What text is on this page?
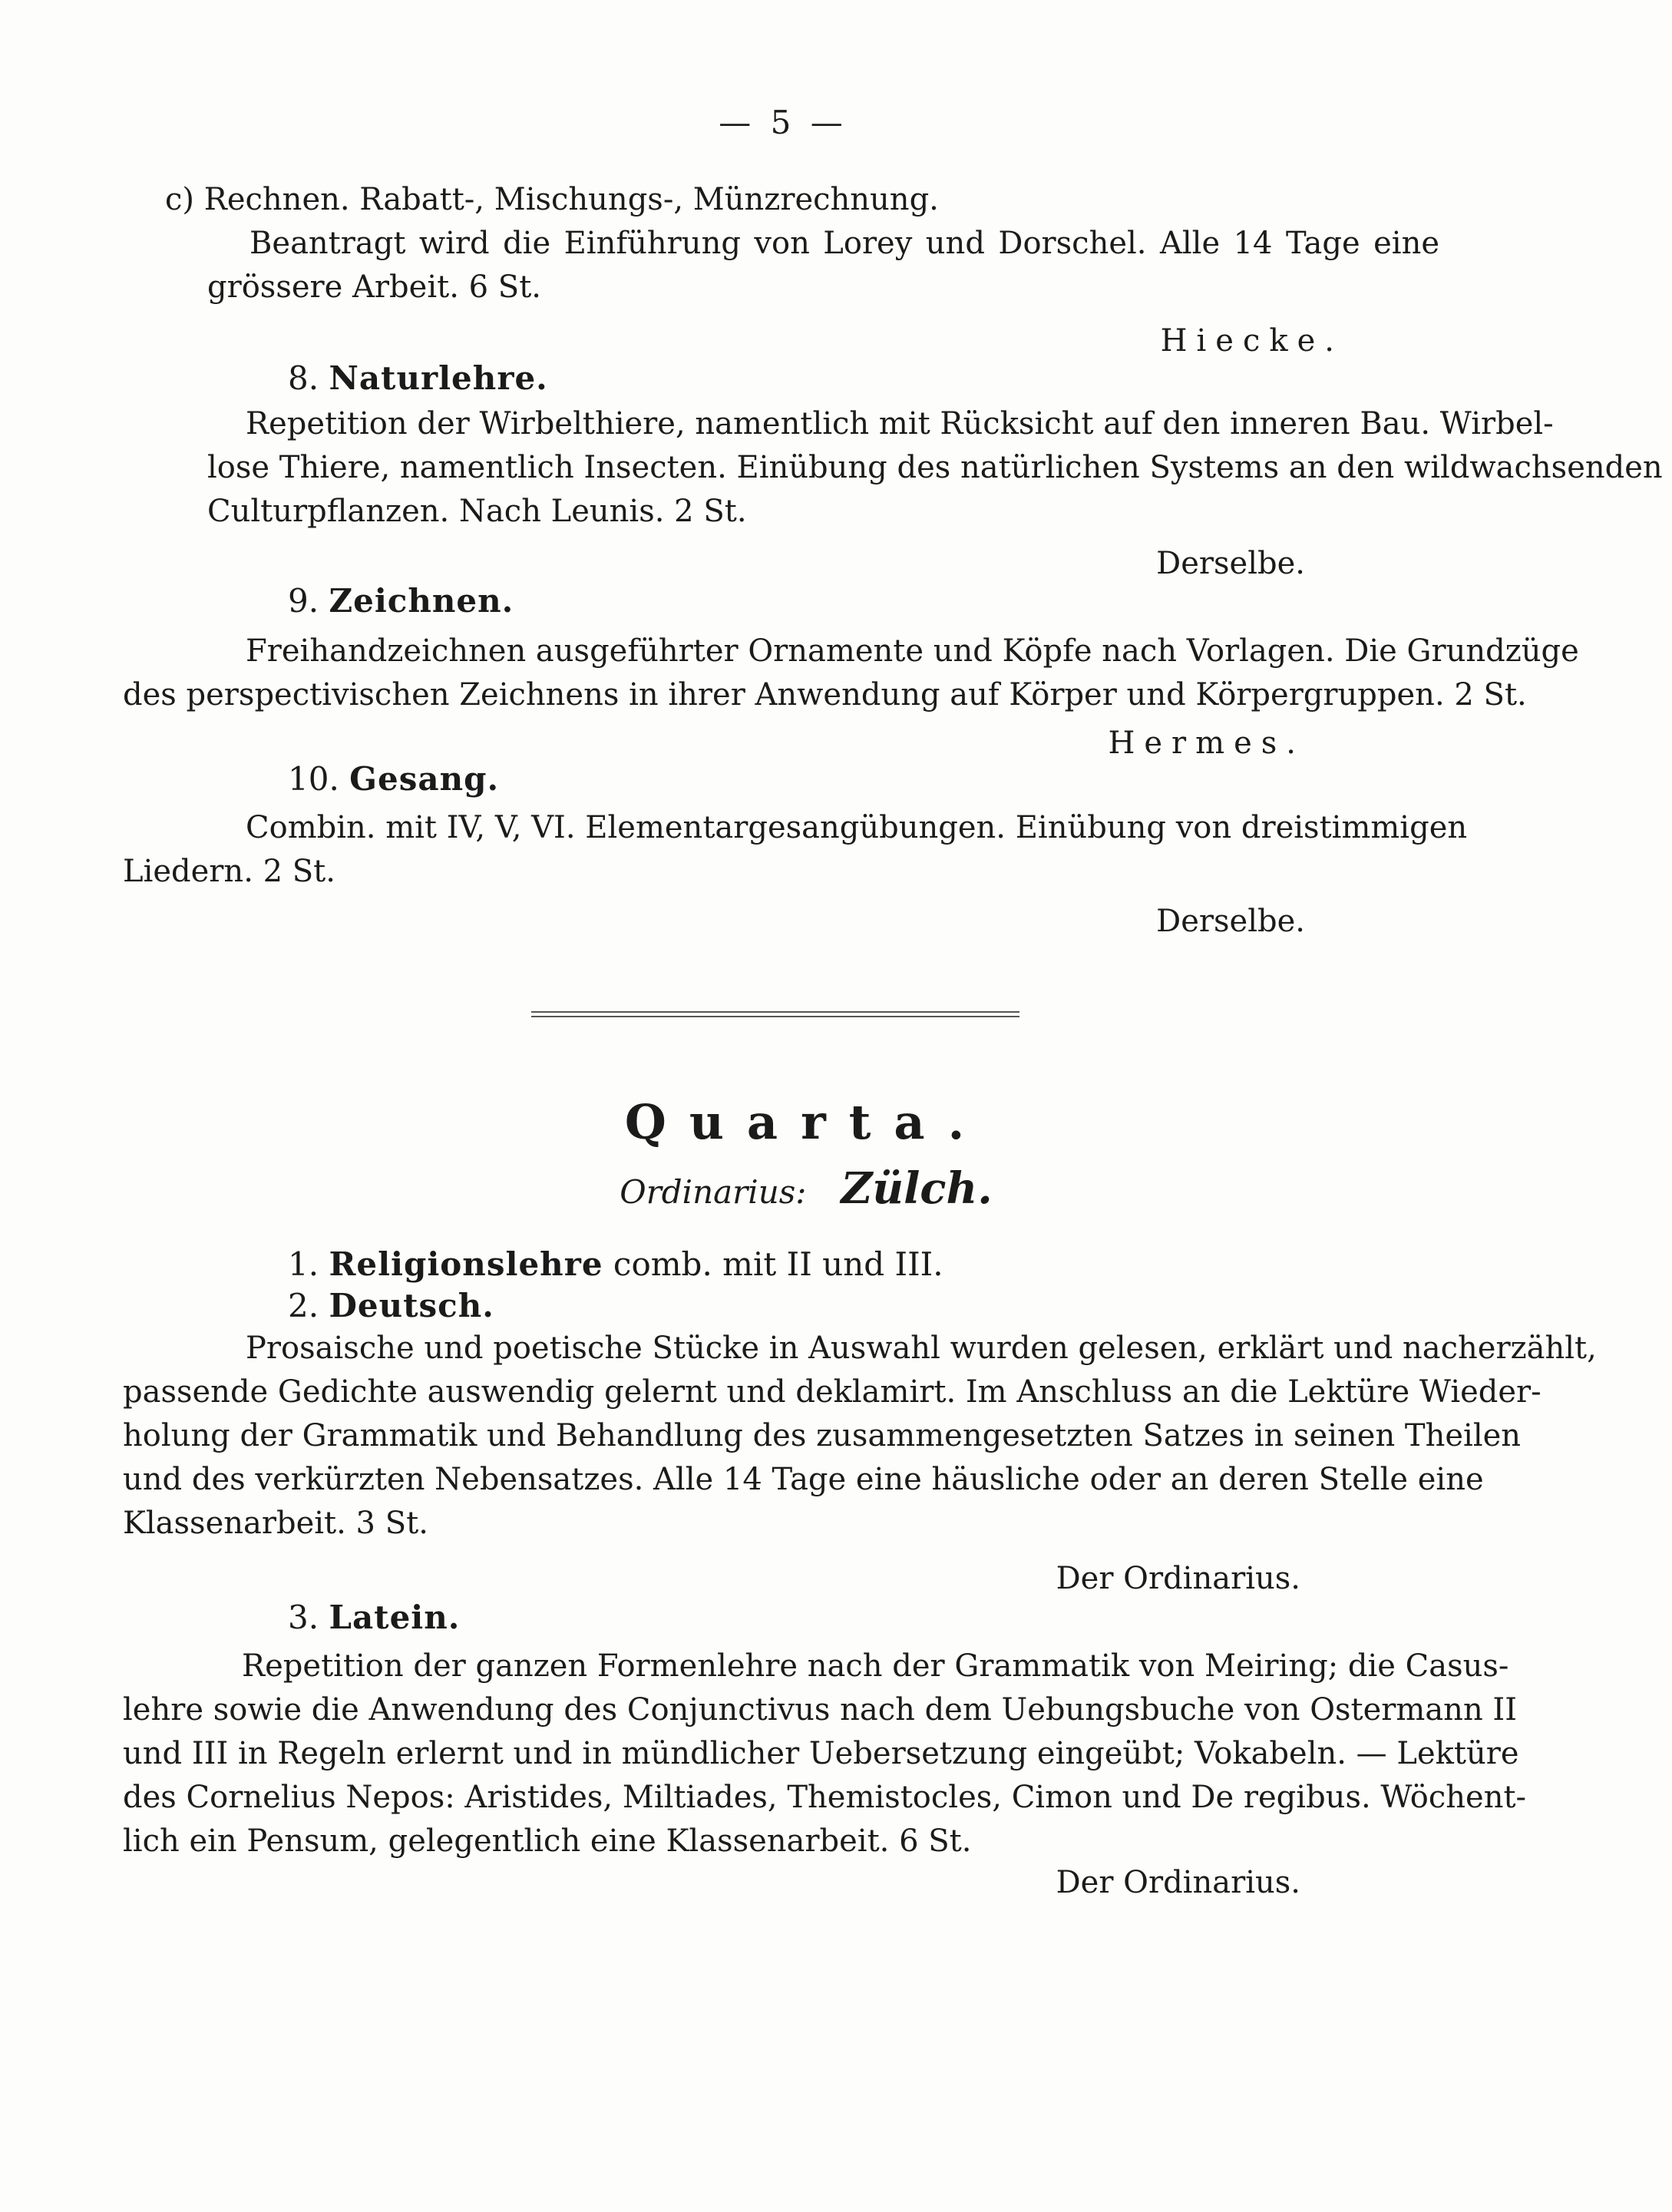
— 5 —
c) Rechnen. Rabatt-, Mischungs-, Münzrechnung.
Beantragt wird die Einführung von Lorey und Dorschel. Alle 14 Tage eine
grössere Arbeit. 6 St.
Hiecke.
8. Naturlehre.
Repetition der Wirbelthiere, namentlich mit Rücksicht auf den inneren Bau. Wirbel-
lose Thiere, namentlich Insecten. Einübung des natürlichen Systems an den wildwachsenden
Culturpflanzen. Nach Leunis. 2 St.
Derselbe.
9. Zeichnen.
Freihandzeichnen ausgeführter Ornamente und Köpfe nach Vorlagen. Die Grundzüge
des perspectivischen Zeichnens in ihrer Anwendung auf Körper und Körpergruppen. 2 St.
Hermes.
10. Gesang.
Combin. mit IV, V, VI. Elementargesangübungen. Einübung von dreistimmigen
Liedern. 2 St.
Derselbe.
Quarta.
Ordinarius: Zülch.
1. Religionslehre comb. mit II und III.
2. Deutsch.
Prosaische und poetische Stücke in Auswahl wurden gelesen, erklärt und nacherzählt,
passende Gedichte auswendig gelernt und deklamirt. Im Anschluss an die Lektüre Wieder-
holung der Grammatik und Behandlung des zusammengesetzten Satzes in seinen Theilen
und des verkürzten Nebensatzes. Alle 14 Tage eine häusliche oder an deren Stelle eine
Klassenarbeit. 3 St.
Der Ordinarius.
3. Latein.
Repetition der ganzen Formenlehre nach der Grammatik von Meiring; die Casus-
lehre sowie die Anwendung des Conjunctivus nach dem Uebungsbuche von Ostermann II
und III in Regeln erlernt und in mündlicher Uebersetzung eingeübt; Vokabeln. — Lektüre
des Cornelius Nepos: Aristides, Miltiades, Themistocles, Cimon und De regibus. Wöchent-
lich ein Pensum, gelegentlich eine Klassenarbeit. 6 St.
Der Ordinarius.
